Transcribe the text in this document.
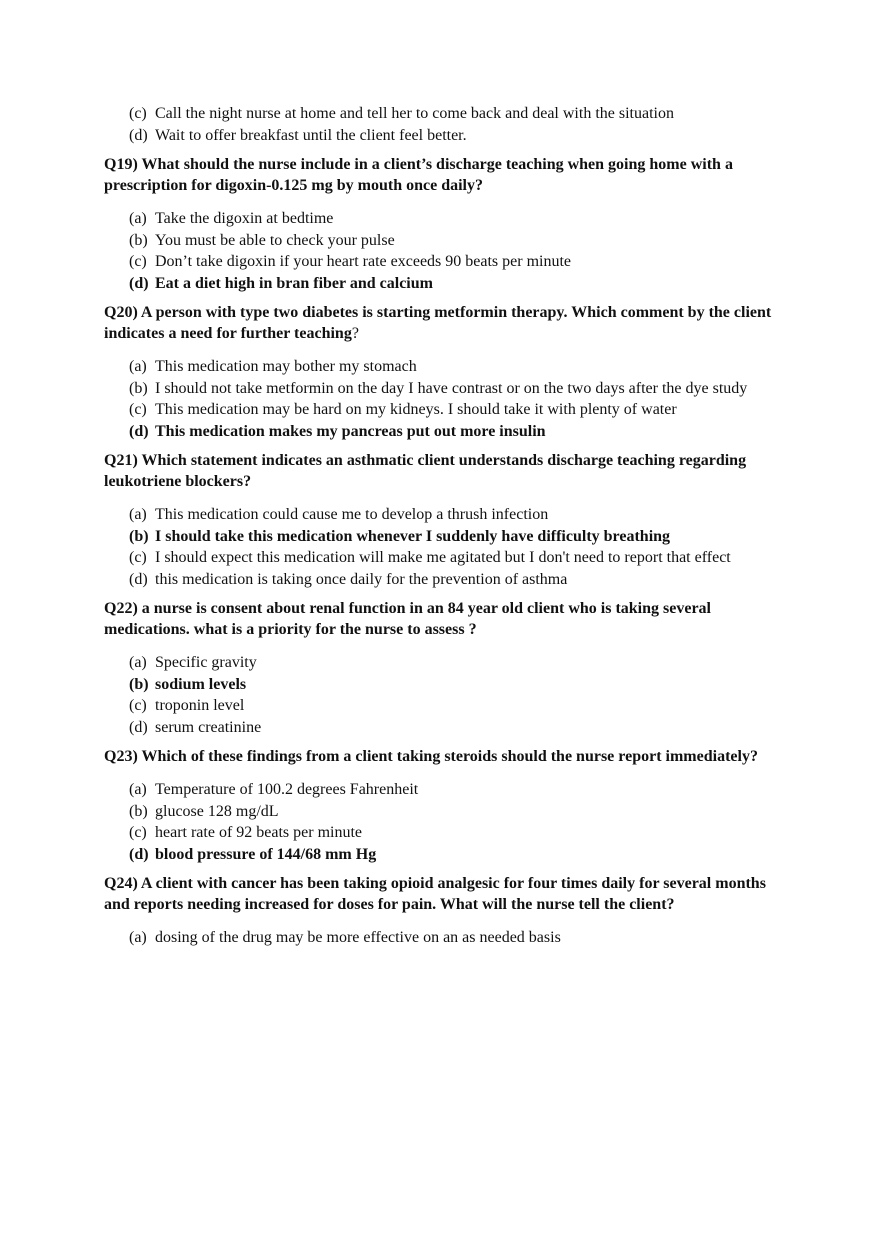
(c) Call the night nurse at home and tell her to come back and deal with the situation
(d) Wait to offer breakfast until the client feel better.

Q19) What should the nurse include in a client’s discharge teaching when going home with a prescription for digoxin-0.125 mg by mouth once daily?

(a) Take the digoxin at bedtime
(b) You must be able to check your pulse
(c) Don’t take digoxin if your heart rate exceeds 90 beats per minute
(d) Eat a diet high in bran fiber and calcium

Q20) A person with type two diabetes is starting metformin therapy. Which comment by the client indicates a need for further teaching?

(a) This medication may bother my stomach
(b) I should not take metformin on the day I have contrast or on the two days after the dye study
(c) This medication may be hard on my kidneys. I should take it with plenty of water
(d) This medication makes my pancreas put out more insulin

Q21) Which statement indicates an asthmatic client understands discharge teaching regarding leukotriene blockers?

(a) This medication could cause me to develop a thrush infection
(b) I should take this medication whenever I suddenly have difficulty breathing
(c) I should expect this medication will make me agitated but I don't need to report that effect
(d) this medication is taking once daily for the prevention of asthma

Q22) a nurse is consent about renal function in an 84 year old client who is taking several medications. what is a priority for the nurse to assess ?

(a) Specific gravity
(b) sodium levels
(c) troponin level
(d) serum creatinine

Q23) Which of these findings from a client taking steroids should the nurse report immediately?

(a) Temperature of 100.2 degrees Fahrenheit
(b) glucose 128 mg/dL
(c) heart rate of 92 beats per minute
(d) blood pressure of 144/68 mm Hg

Q24) A client with cancer has been taking opioid analgesic for four times daily for several months and reports needing increased for doses for pain. What will the nurse tell the client?

(a) dosing of the drug may be more effective on an as needed basis
